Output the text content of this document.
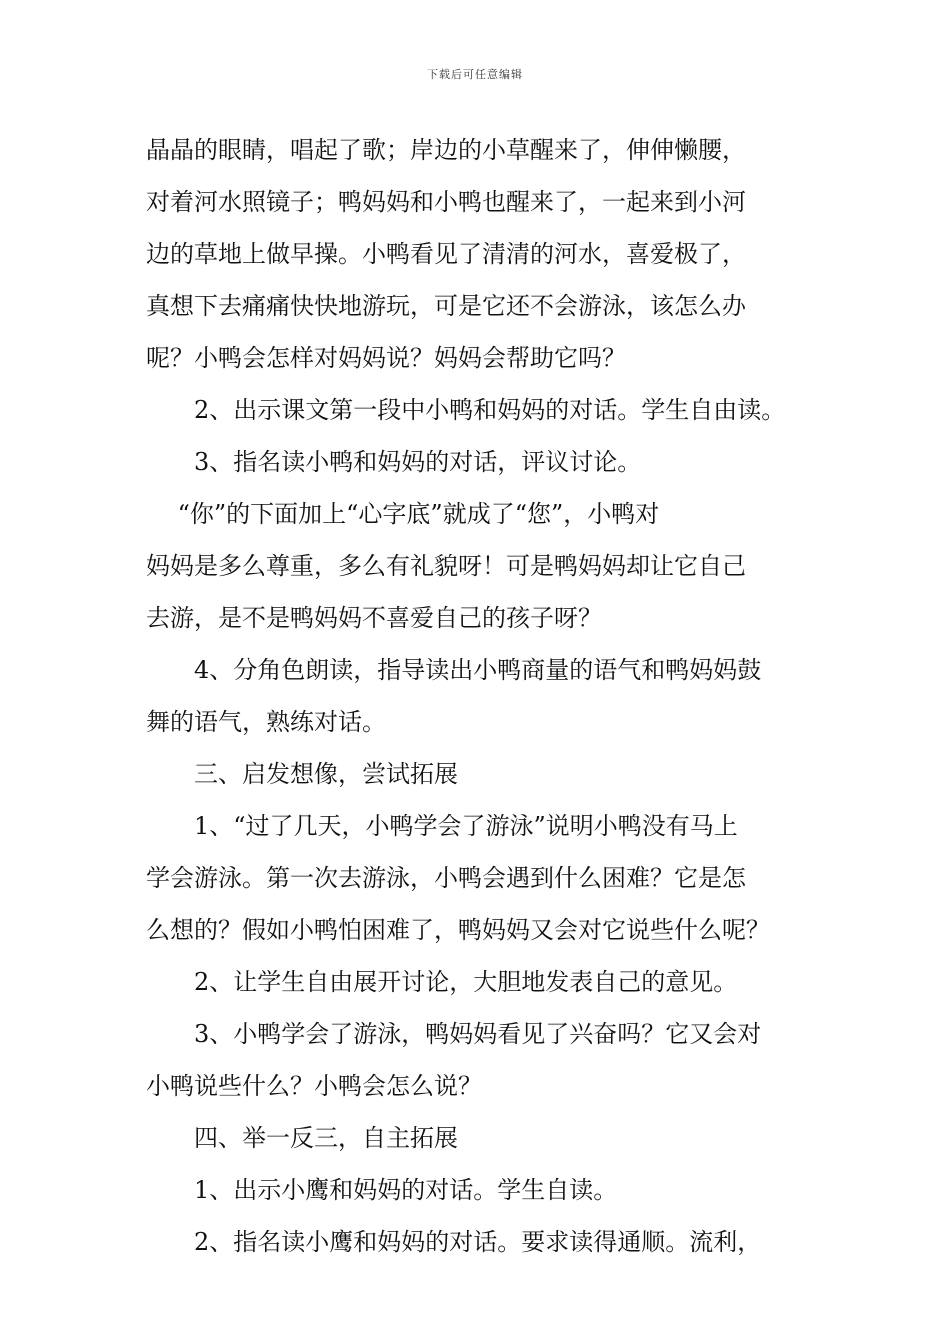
下载后可任意编辑
晶晶的眼睛，唱起了歌；岸边的小草醒来了，伸伸懒腰，
对着河水照镜子；鸭妈妈和小鸭也醒来了，一起来到小河
边的草地上做早操。小鸭看见了清清的河水，喜爱极了，
真想下去痛痛快快地游玩，可是它还不会游泳，该怎么办
呢？小鸭会怎样对妈妈说？妈妈会帮助它吗？
　　2、出示课文第一段中小鸭和妈妈的对话。学生自由读。
　　3、指名读小鸭和妈妈的对话，评议讨论。
　 “你”的下面加上“心字底”就成了“您”，小鸭对
妈妈是多么尊重，多么有礼貌呀！可是鸭妈妈却让它自己
去游，是不是鸭妈妈不喜爱自己的孩子呀？
　　4、分角色朗读，指导读出小鸭商量的语气和鸭妈妈鼓
舞的语气，熟练对话。
　　三、启发想像，尝试拓展
　　1、“过了几天，小鸭学会了游泳”说明小鸭没有马上
学会游泳。第一次去游泳，小鸭会遇到什么困难？它是怎
么想的？假如小鸭怕困难了，鸭妈妈又会对它说些什么呢？
　　2、让学生自由展开讨论，大胆地发表自己的意见。
　　3、小鸭学会了游泳，鸭妈妈看见了兴奋吗？它又会对
小鸭说些什么？小鸭会怎么说？
　　四、举一反三，自主拓展
　　1、出示小鹰和妈妈的对话。学生自读。
　　2、指名读小鹰和妈妈的对话。要求读得通顺。流利，
